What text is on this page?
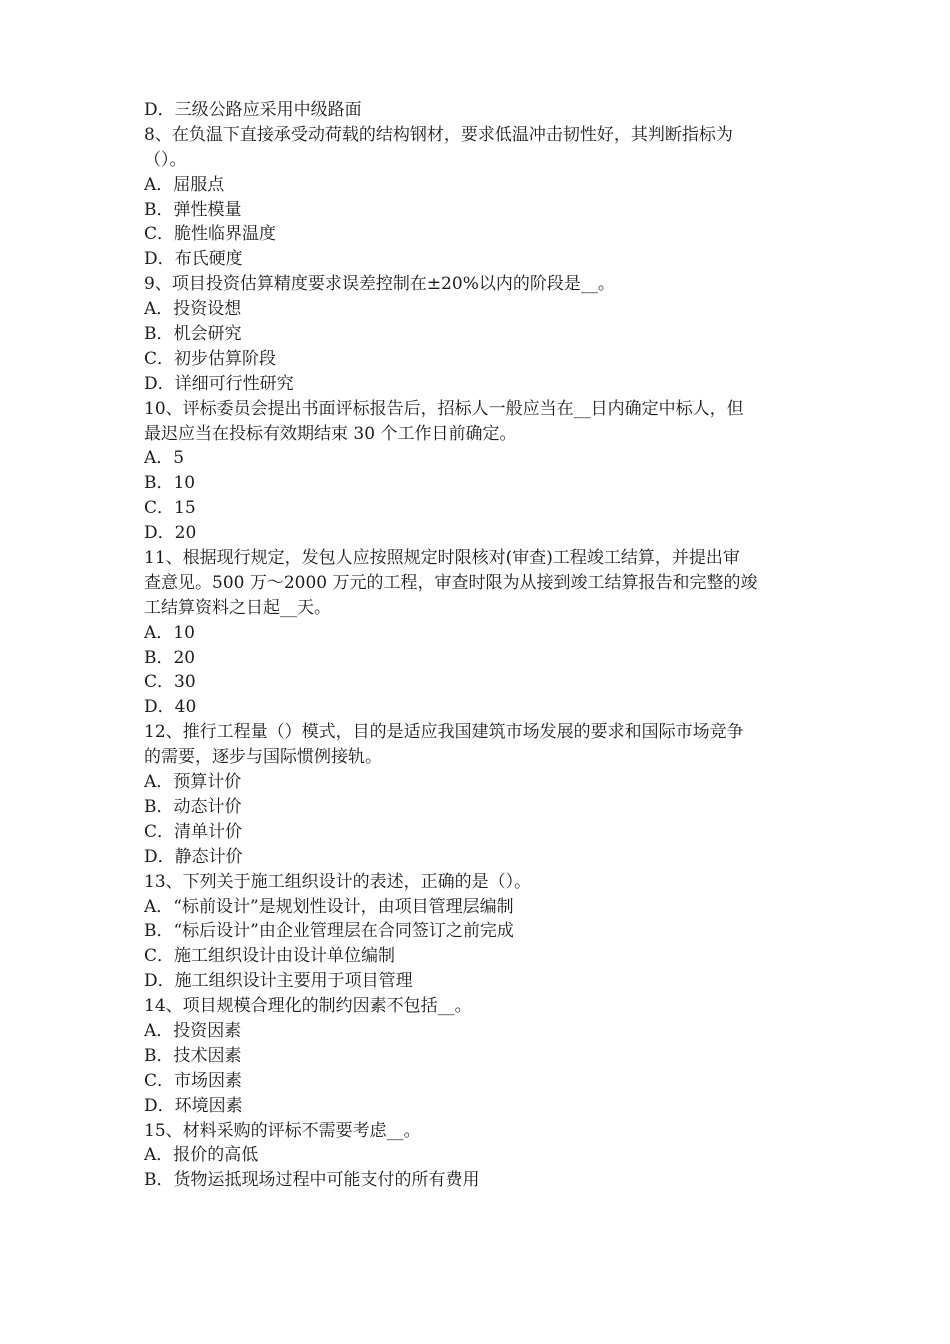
D．三级公路应采用中级路面
8、在负温下直接承受动荷载的结构钢材，要求低温冲击韧性好，其判断指标为
（）。
A．屈服点
B．弹性模量
C．脆性临界温度
D．布氏硬度
9、项目投资估算精度要求误差控制在±20%以内的阶段是__。
A．投资设想
B．机会研究
C．初步估算阶段
D．详细可行性研究
10、评标委员会提出书面评标报告后，招标人一般应当在__日内确定中标人，但
最迟应当在投标有效期结束 30 个工作日前确定。
A．5
B．10
C．15
D．20
11、根据现行规定，发包人应按照规定时限核对(审查)工程竣工结算，并提出审
查意见。500 万～2000 万元的工程，审查时限为从接到竣工结算报告和完整的竣
工结算资料之日起__天。
A．10
B．20
C．30
D．40
12、推行工程量（）模式，目的是适应我国建筑市场发展的要求和国际市场竞争
的需要，逐步与国际惯例接轨。
A．预算计价
B．动态计价
C．清单计价
D．静态计价
13、下列关于施工组织设计的表述，正确的是（）。
A．“标前设计”是规划性设计，由项目管理层编制
B．“标后设计”由企业管理层在合同签订之前完成
C．施工组织设计由设计单位编制
D．施工组织设计主要用于项目管理
14、项目规模合理化的制约因素不包括__。
A．投资因素
B．技术因素
C．市场因素
D．环境因素
15、材料采购的评标不需要考虑__。
A．报价的高低
B．货物运抵现场过程中可能支付的所有费用
